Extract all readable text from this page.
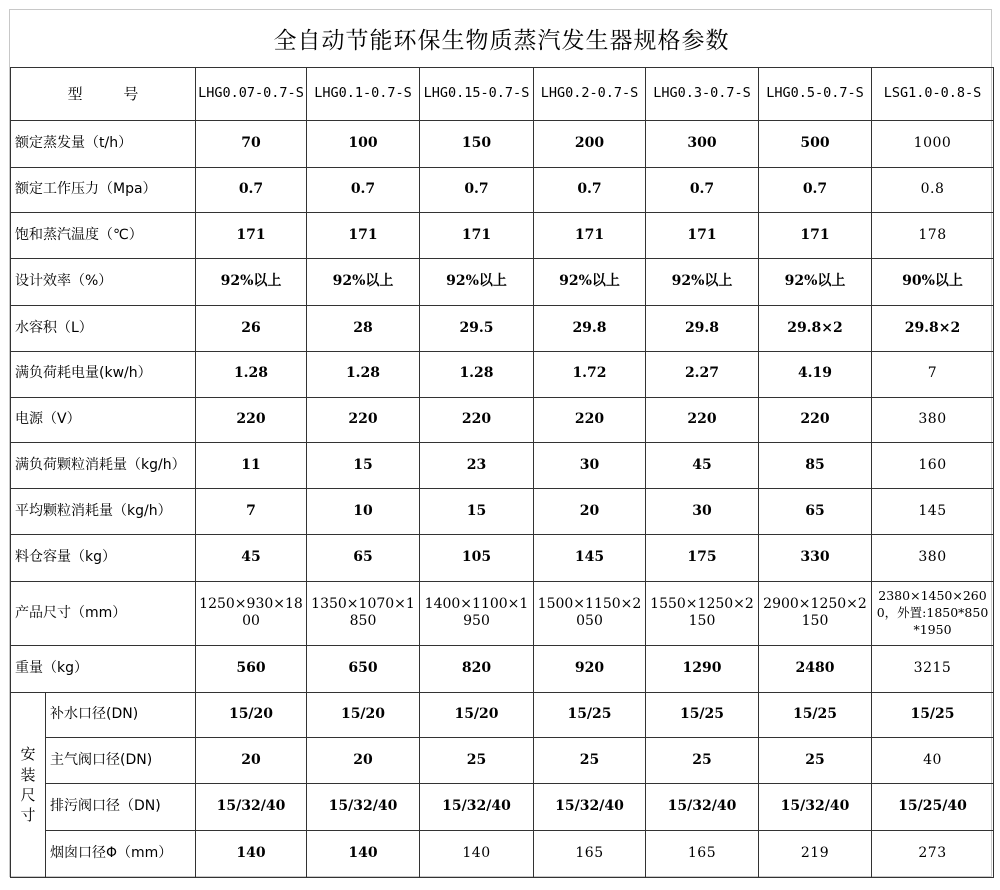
全自动节能环保生物质蒸汽发生器规格参数
型 号		LHG0.07-0.7-S	LHG0.1-0.7-S	LHG0.15-0.7-S	LHG0.2-0.7-S	LHG0.3-0.7-S	LHG0.5-0.7-S	LSG1.0-0.8-S
额定蒸发量（t/h）		70	100	150	200	300	500	1000
额定工作压力（Mpa）		0.7	0.7	0.7	0.7	0.7	0.7	0.8
饱和蒸汽温度（℃）		171	171	171	171	171	171	178
设计效率（%）		92%以上	92%以上	92%以上	92%以上	92%以上	92%以上	90%以上
水容积（L）		26	28	29.5	29.8	29.8	29.8×2	29.8×2
满负荷耗电量(kw/h）		1.28	1.28	1.28	1.72	2.27	4.19	7
电源（V）		220	220	220	220	220	220	380
满负荷颗粒消耗量（kg/h）		11	15	23	30	45	85	160
平均颗粒消耗量（kg/h）		7	10	15	20	30	65	145
料仓容量（kg）		45	65	105	145	175	330	380
产品尺寸（mm）		1250×930×1800	1350×1070×1850	1400×1100×1950	1500×1150×2050	1550×1250×2150	2900×1250×2150	2380×1450×2600，外置:1850*850*1950
重量（kg）		560	650	820	920	1290	2480	3215

安
装
尺
寸	补水口径(DN)	15/20	15/20	15/20	15/25	15/25	15/25	15/25
	主气阀口径(DN)	20	20	25	25	25	25	40
	排污阀口径（DN)	15/32/40	15/32/40	15/32/40	15/32/40	15/32/40	15/32/40	15/25/40
	烟囱口径Φ（mm）	140	140	140	165	165	219	273
